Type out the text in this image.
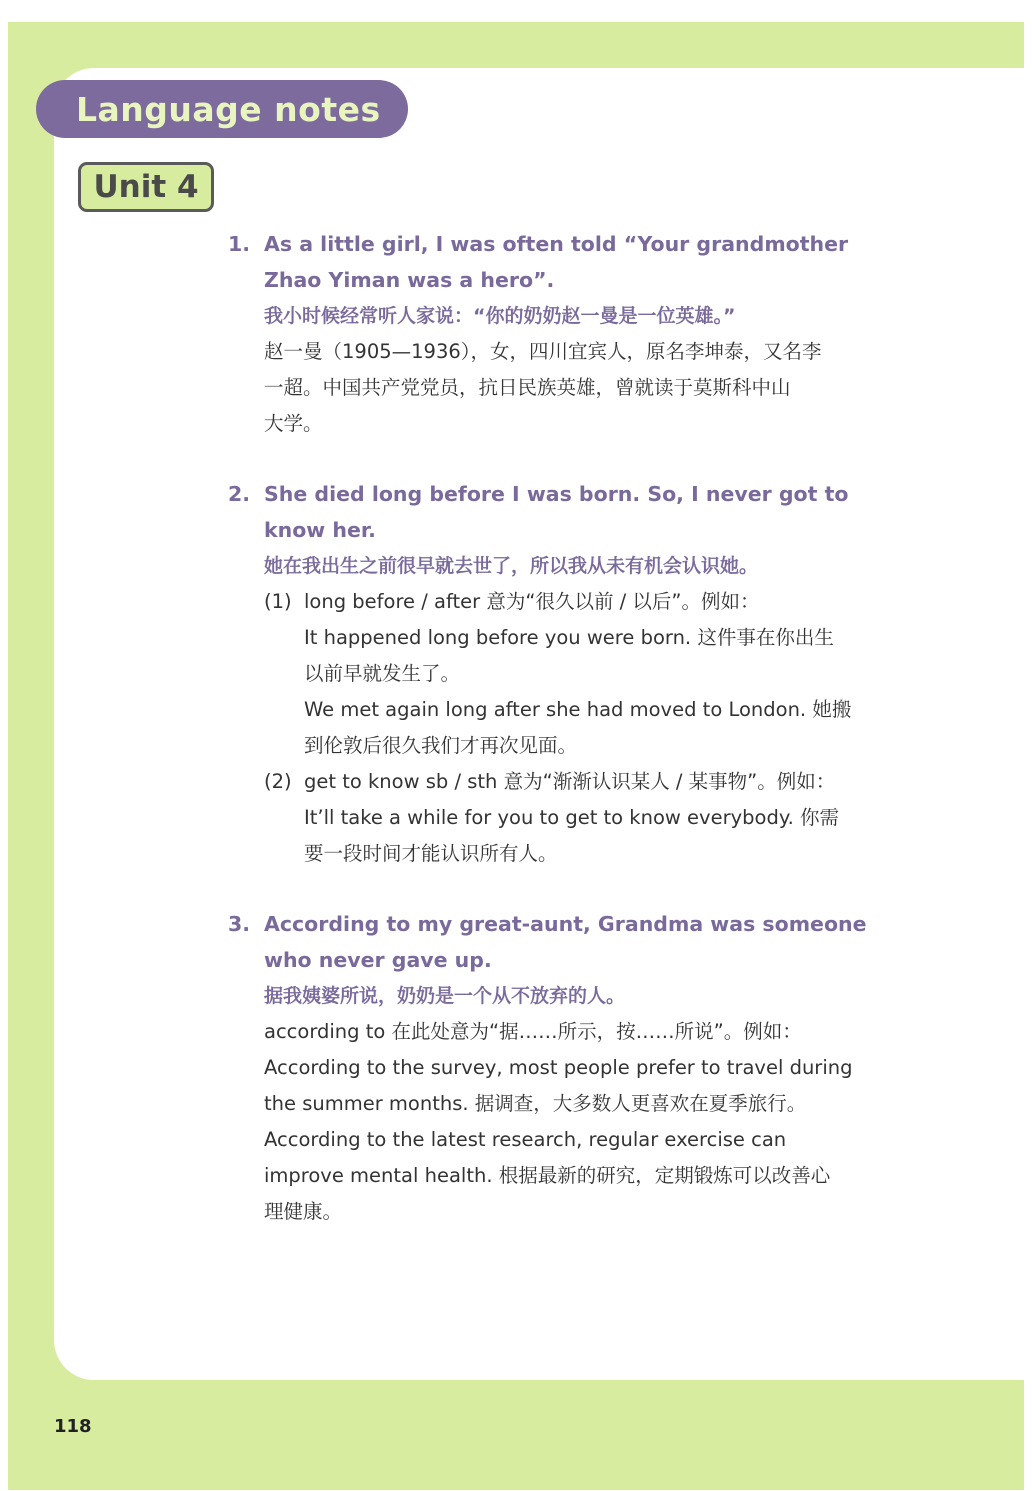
Language notes
Unit 4
1. As a little girl, I was often told “Your grandmother
Zhao Yiman was a hero”.
我小时候经常听人家说：“你的奶奶赵一曼是一位英雄。”
赵一曼（1905—1936），女，四川宜宾人，原名李坤泰，又名李
一超。中国共产党党员，抗日民族英雄，曾就读于莫斯科中山
大学。
2. She died long before I was born. So, I never got to
know her.
她在我出生之前很早就去世了，所以我从未有机会认识她。
(1) long before / after 意为“很久以前 / 以后”。例如：
It happened long before you were born. 这件事在你出生
以前早就发生了。
We met again long after she had moved to London. 她搬
到伦敦后很久我们才再次见面。
(2) get to know sb / sth 意为“渐渐认识某人 / 某事物”。例如：
It’ll take a while for you to get to know everybody. 你需
要一段时间才能认识所有人。
3. According to my great-aunt, Grandma was someone
who never gave up.
据我姨婆所说，奶奶是一个从不放弃的人。
according to 在此处意为“据……所示，按……所说”。例如：
According to the survey, most people prefer to travel during
the summer months. 据调查，大多数人更喜欢在夏季旅行。
According to the latest research, regular exercise can
improve mental health. 根据最新的研究，定期锻炼可以改善心
理健康。
118
